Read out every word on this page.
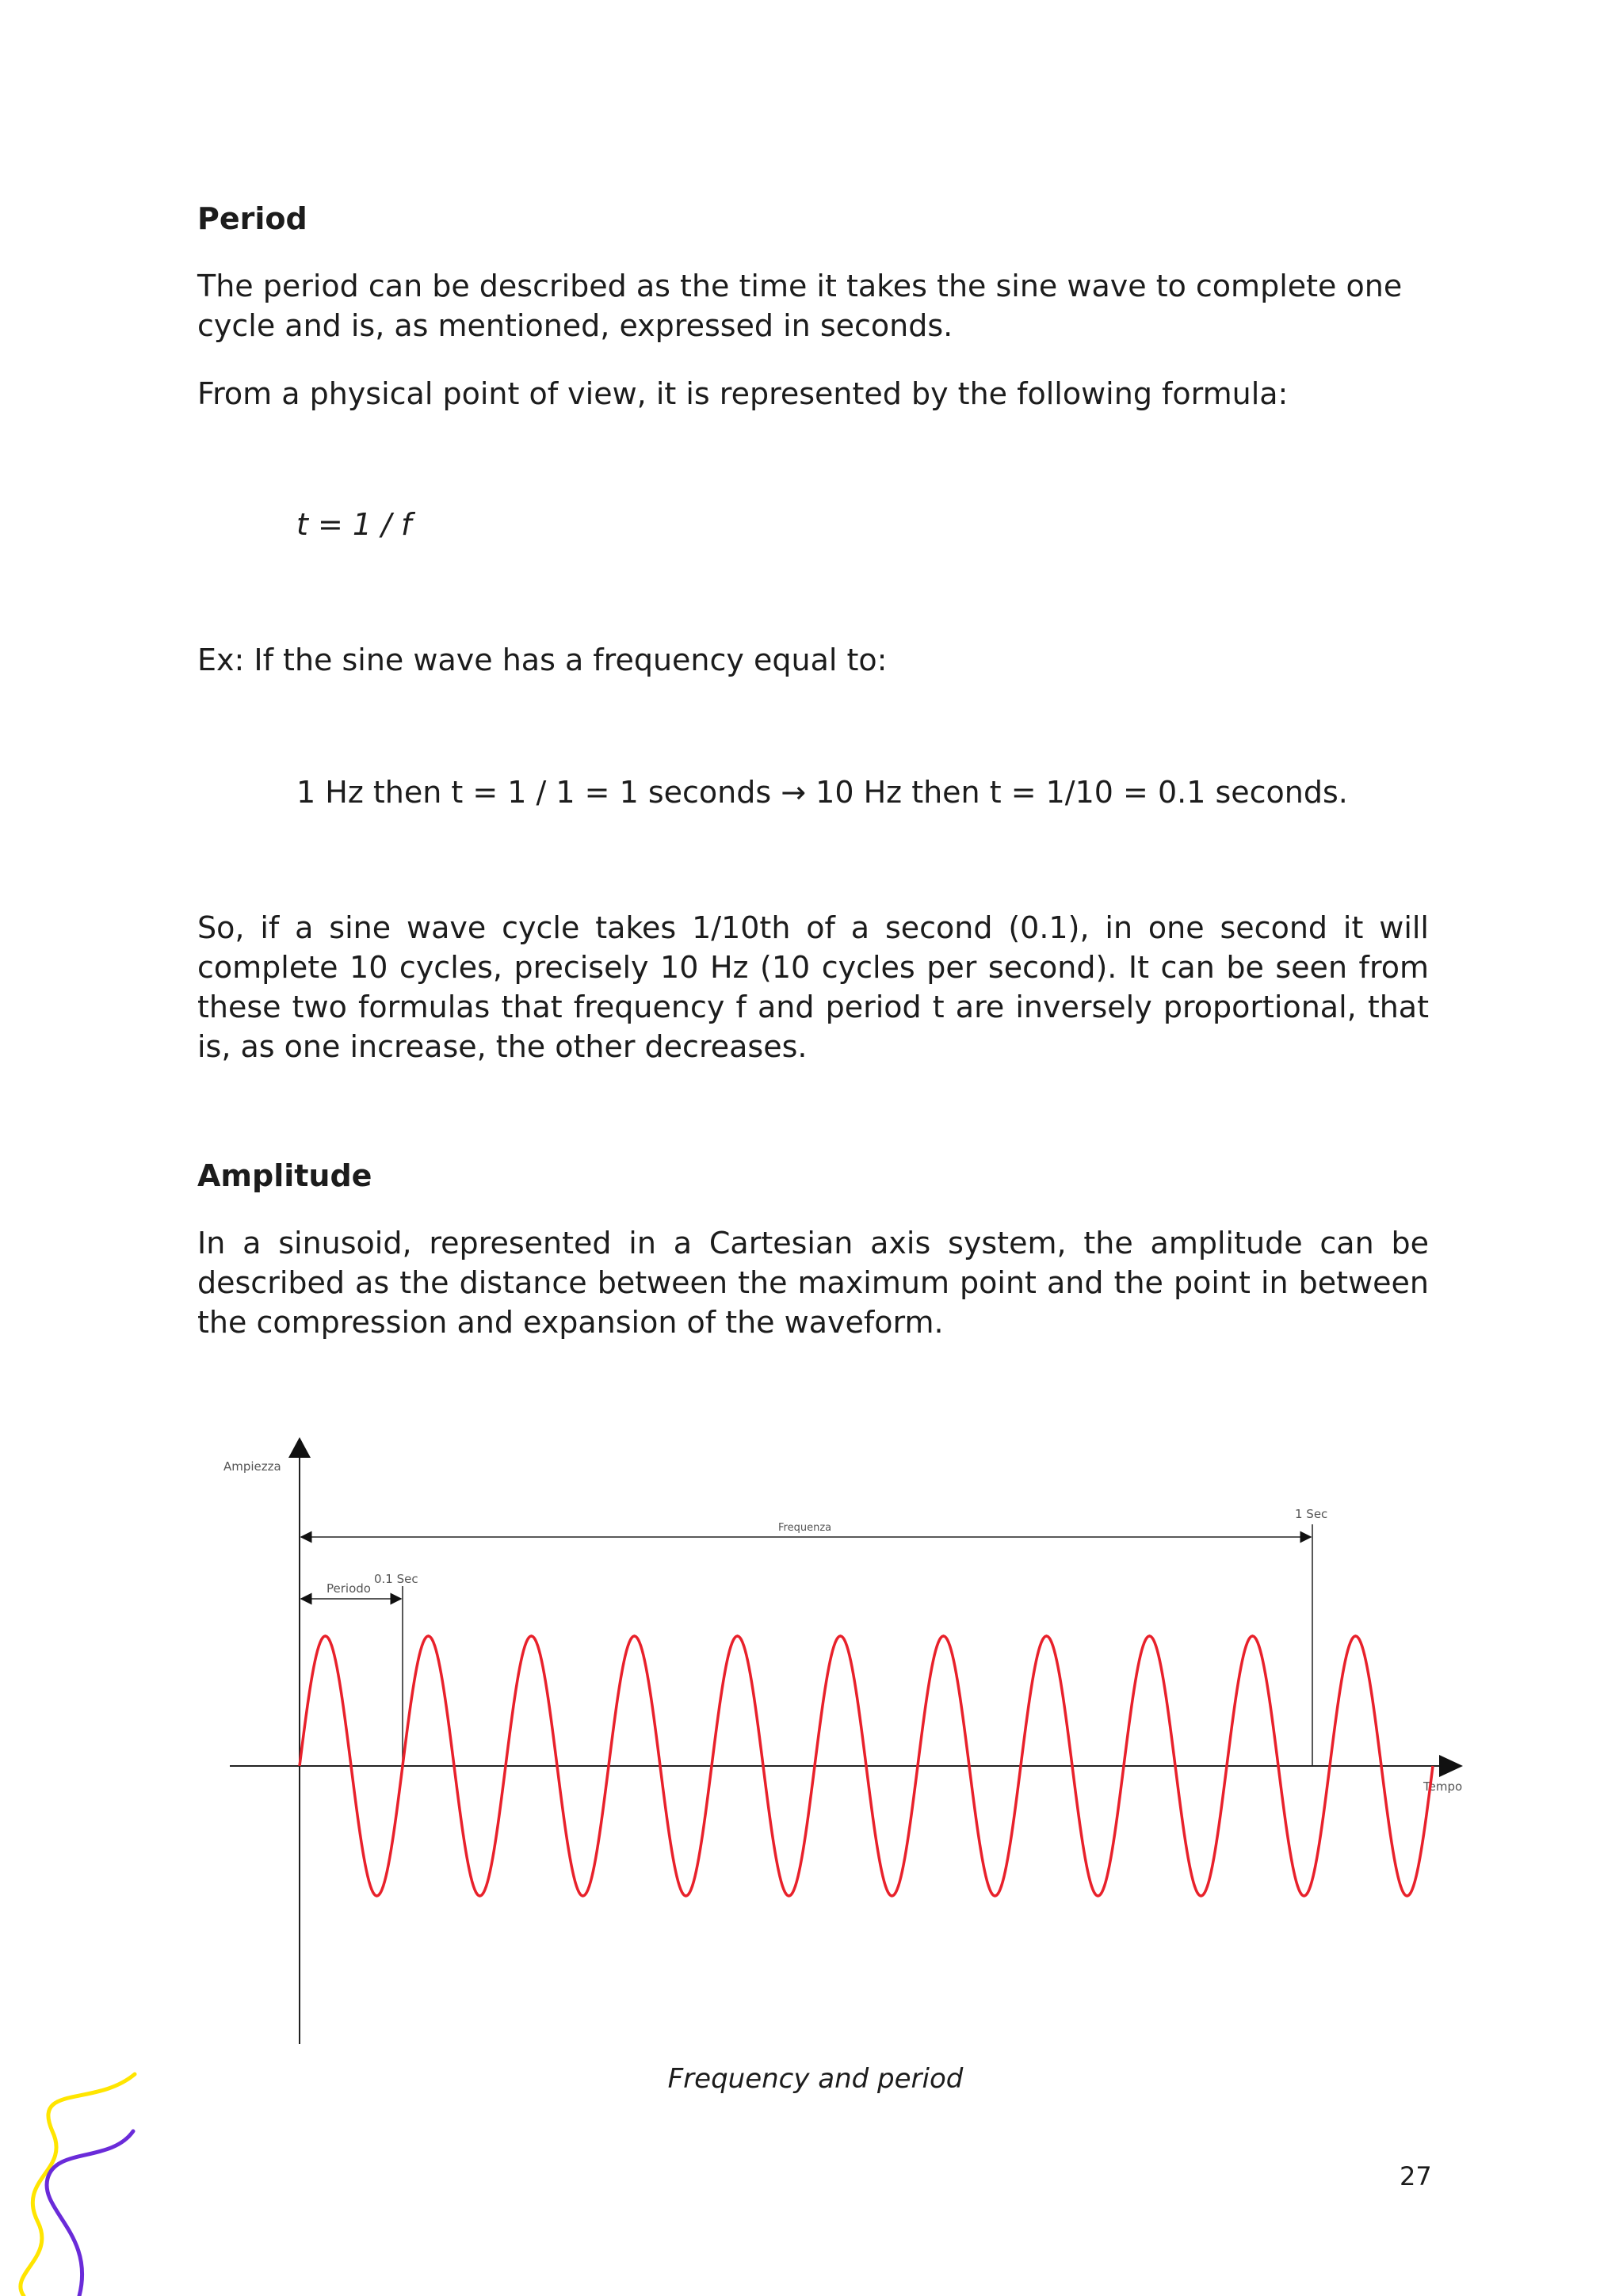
Period

The period can be described as the time it takes the sine wave to complete one cycle and is, as mentioned, expressed in seconds.

From a physical point of view, it is represented by the following formula:

t = 1 / f

Ex: If the sine wave has a frequency equal to:

1 Hz then t = 1 / 1 = 1 seconds → 10 Hz then t = 1/10 = 0.1 seconds.

So, if a sine wave cycle takes 1/10th of a second (0.1), in one second it will complete 10 cycles, precisely 10 Hz (10 cycles per second). It can be seen from these two formulas that frequency f and period t are inversely proportional, that is, as one increase, the other decreases.

Amplitude

In a sinusoid, represented in a Cartesian axis system, the amplitude can be described as the distance between the maximum point and the point in between the compression and expansion of the waveform.

Ampiezza
Tempo
Frequenza
1 Sec
0.1 Sec
Periodo
Frequency and period
27
